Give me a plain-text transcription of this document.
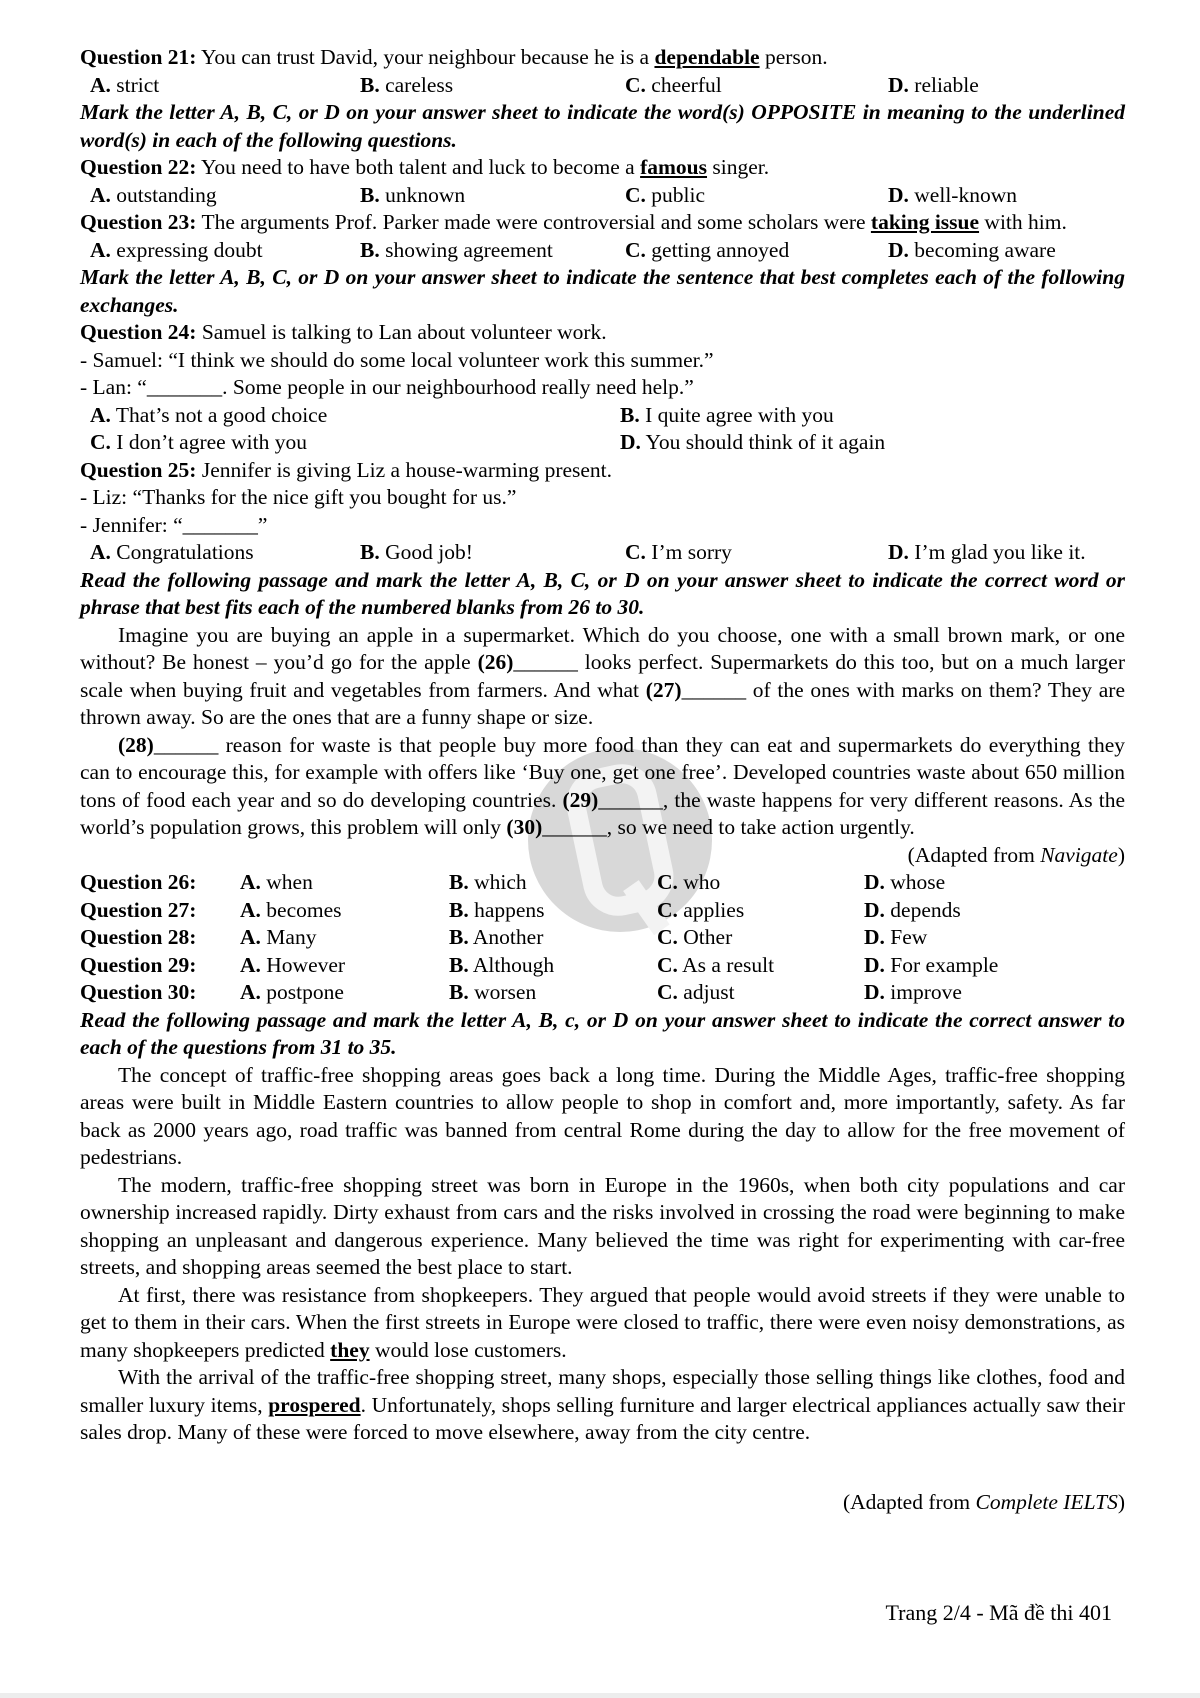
Question 21: You can trust David, your neighbour because he is a dependable person.

A. strict	B. careless	C. cheerful	D. reliable

Mark the letter A, B, C, or D on your answer sheet to indicate the word(s) OPPOSITE in meaning to the underlined word(s) in each of the following questions.

Question 22: You need to have both talent and luck to become a famous singer.

A. outstanding	B. unknown	C. public	D. well-known

Question 23: The arguments Prof. Parker made were controversial and some scholars were taking issue with him.

A. expressing doubt	B. showing agreement	C. getting annoyed	D. becoming aware

Mark the letter A, B, C, or D on your answer sheet to indicate the sentence that best completes each of the following exchanges.

Question 24: Samuel is talking to Lan about volunteer work.

- Samuel: “I think we should do some local volunteer work this summer.”

- Lan: “_______. Some people in our neighbourhood really need help.”

A. That’s not a good choice	B. I quite agree with you
C. I don’t agree with you	D. You should think of it again

Question 25: Jennifer is giving Liz a house-warming present.

- Liz: “Thanks for the nice gift you bought for us.”

- Jennifer: “_______”

A. Congratulations	B. Good job!	C. I’m sorry	D. I’m glad you like it.

Read the following passage and mark the letter A, B, C, or D on your answer sheet to indicate the correct word or phrase that best fits each of the numbered blanks from 26 to 30.

Imagine you are buying an apple in a supermarket. Which do you choose, one with a small brown mark, or one without? Be honest – you’d go for the apple (26)______ looks perfect. Supermarkets do this too, but on a much larger scale when buying fruit and vegetables from farmers. And what (27)______ of the ones with marks on them? They are thrown away. So are the ones that are a funny shape or size.

(28)______ reason for waste is that people buy more food than they can eat and supermarkets do everything they can to encourage this, for example with offers like ‘Buy one, get one free’. Developed countries waste about 650 million tons of food each year and so do developing countries. (29)______, the waste happens for very different reasons. As the world’s population grows, this problem will only (30)______, so we need to take action urgently.

(Adapted from Navigate)

Question 26:	A. when	B. which	C. who	D. whose
Question 27:	A. becomes	B. happens	C. applies	D. depends
Question 28:	A. Many	B. Another	C. Other	D. Few
Question 29:	A. However	B. Although	C. As a result	D. For example
Question 30:	A. postpone	B. worsen	C. adjust	D. improve

Read the following passage and mark the letter A, B, c, or D on your answer sheet to indicate the correct answer to each of the questions from 31 to 35.

The concept of traffic-free shopping areas goes back a long time. During the Middle Ages, traffic-free shopping areas were built in Middle Eastern countries to allow people to shop in comfort and, more importantly, safety. As far back as 2000 years ago, road traffic was banned from central Rome during the day to allow for the free movement of pedestrians.

The modern, traffic-free shopping street was born in Europe in the 1960s, when both city populations and car ownership increased rapidly. Dirty exhaust from cars and the risks involved in crossing the road were beginning to make shopping an unpleasant and dangerous experience. Many believed the time was right for experimenting with car-free streets, and shopping areas seemed the best place to start.

At first, there was resistance from shopkeepers. They argued that people would avoid streets if they were unable to get to them in their cars. When the first streets in Europe were closed to traffic, there were even noisy demonstrations, as many shopkeepers predicted they would lose customers.

With the arrival of the traffic-free shopping street, many shops, especially those selling things like clothes, food and smaller luxury items, prospered. Unfortunately, shops selling furniture and larger electrical appliances actually saw their sales drop. Many of these were forced to move elsewhere, away from the city centre.

(Adapted from Complete IELTS)

Trang 2/4 - Mã đề thi 401
